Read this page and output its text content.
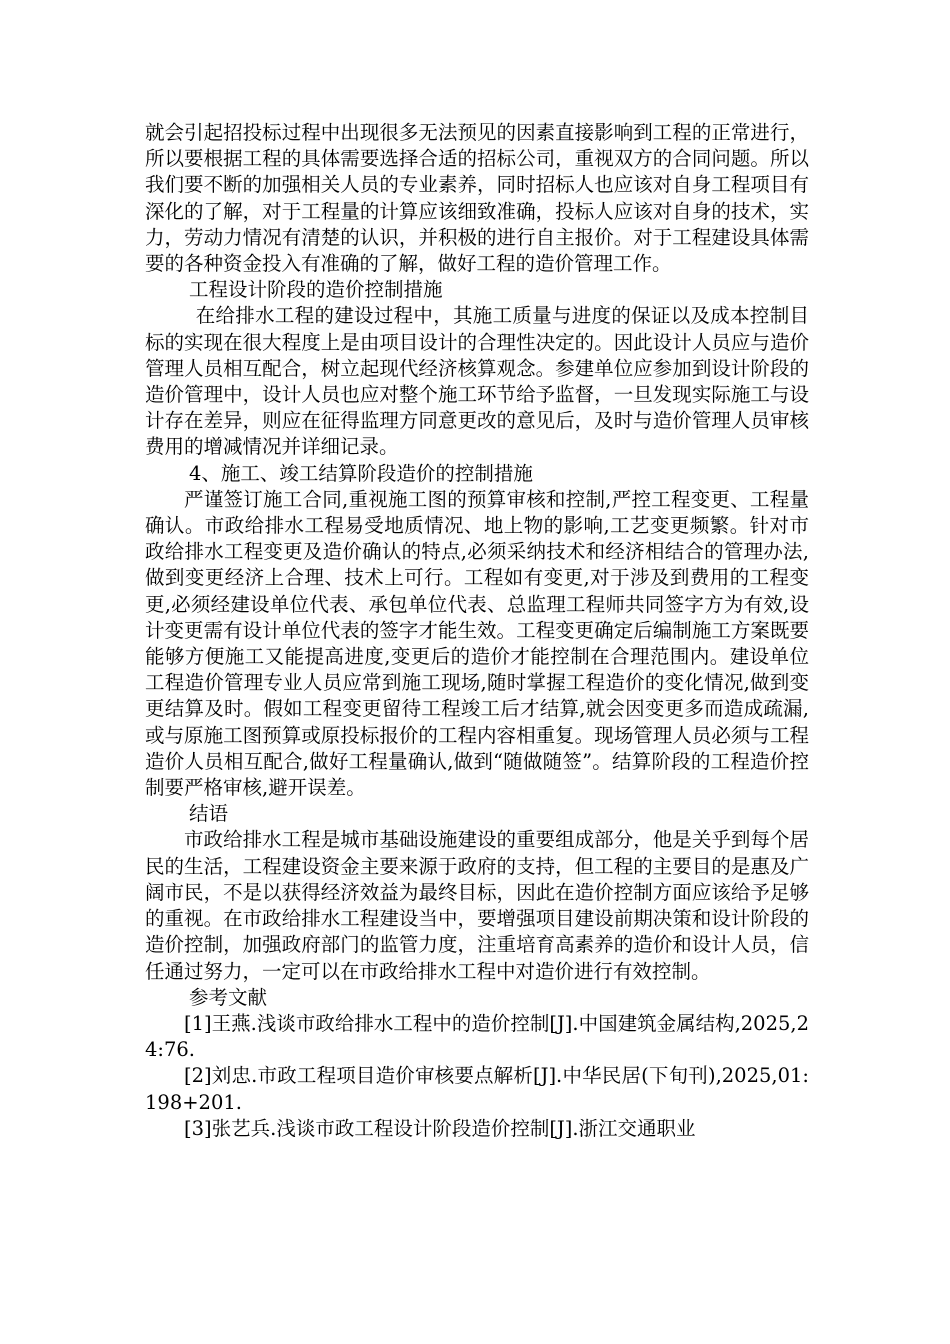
就会引起招投标过程中出现很多无法预见的因素直接影响到工程的正常进行，所以要根据工程的具体需要选择合适的招标公司，重视双方的合同问题。所以我们要不断的加强相关人员的专业素养，同时招标人也应该对自身工程项目有深化的了解，对于工程量的计算应该细致准确，投标人应该对自身的技术，实力，劳动力情况有清楚的认识，并积极的进行自主报价。对于工程建设具体需要的各种资金投入有准确的了解，做好工程的造价管理工作。

工程设计阶段的造价控制措施

在给排水工程的建设过程中，其施工质量与进度的保证以及成本控制目标的实现在很大程度上是由项目设计的合理性决定的。因此设计人员应与造价管理人员相互配合，树立起现代经济核算观念。参建单位应参加到设计阶段的造价管理中，设计人员也应对整个施工环节给予监督，一旦发现实际施工与设计存在差异，则应在征得监理方同意更改的意见后，及时与造价管理人员审核费用的增减情况并详细记录。

4、施工、竣工结算阶段造价的控制措施

严谨签订施工合同,重视施工图的预算审核和控制,严控工程变更、工程量确认。市政给排水工程易受地质情况、地上物的影响,工艺变更频繁。针对市政给排水工程变更及造价确认的特点,必须采纳技术和经济相结合的管理办法,做到变更经济上合理、技术上可行。工程如有变更,对于涉及到费用的工程变更,必须经建设单位代表、承包单位代表、总监理工程师共同签字方为有效,设计变更需有设计单位代表的签字才能生效。工程变更确定后编制施工方案既要能够方便施工又能提高进度,变更后的造价才能控制在合理范围内。建设单位工程造价管理专业人员应常到施工现场,随时掌握工程造价的变化情况,做到变更结算及时。假如工程变更留待工程竣工后才结算,就会因变更多而造成疏漏,或与原施工图预算或原投标报价的工程内容相重复。现场管理人员必须与工程造价人员相互配合,做好工程量确认,做到“随做随签”。结算阶段的工程造价控制要严格审核,避开误差。

结语

市政给排水工程是城市基础设施建设的重要组成部分，他是关乎到每个居民的生活，工程建设资金主要来源于政府的支持，但工程的主要目的是惠及广阔市民，不是以获得经济效益为最终目标，因此在造价控制方面应该给予足够的重视。在市政给排水工程建设当中，要增强项目建设前期决策和设计阶段的造价控制，加强政府部门的监管力度，注重培育高素养的造价和设计人员，信任通过努力，一定可以在市政给排水工程中对造价进行有效控制。

参考文献

[1]王燕.浅谈市政给排水工程中的造价控制[J].中国建筑金属结构,2025,24:76.

[2]刘忠.市政工程项目造价审核要点解析[J].中华民居(下旬刊),2025,01:198+201.

[3]张艺兵.浅谈市政工程设计阶段造价控制[J].浙江交通职业
